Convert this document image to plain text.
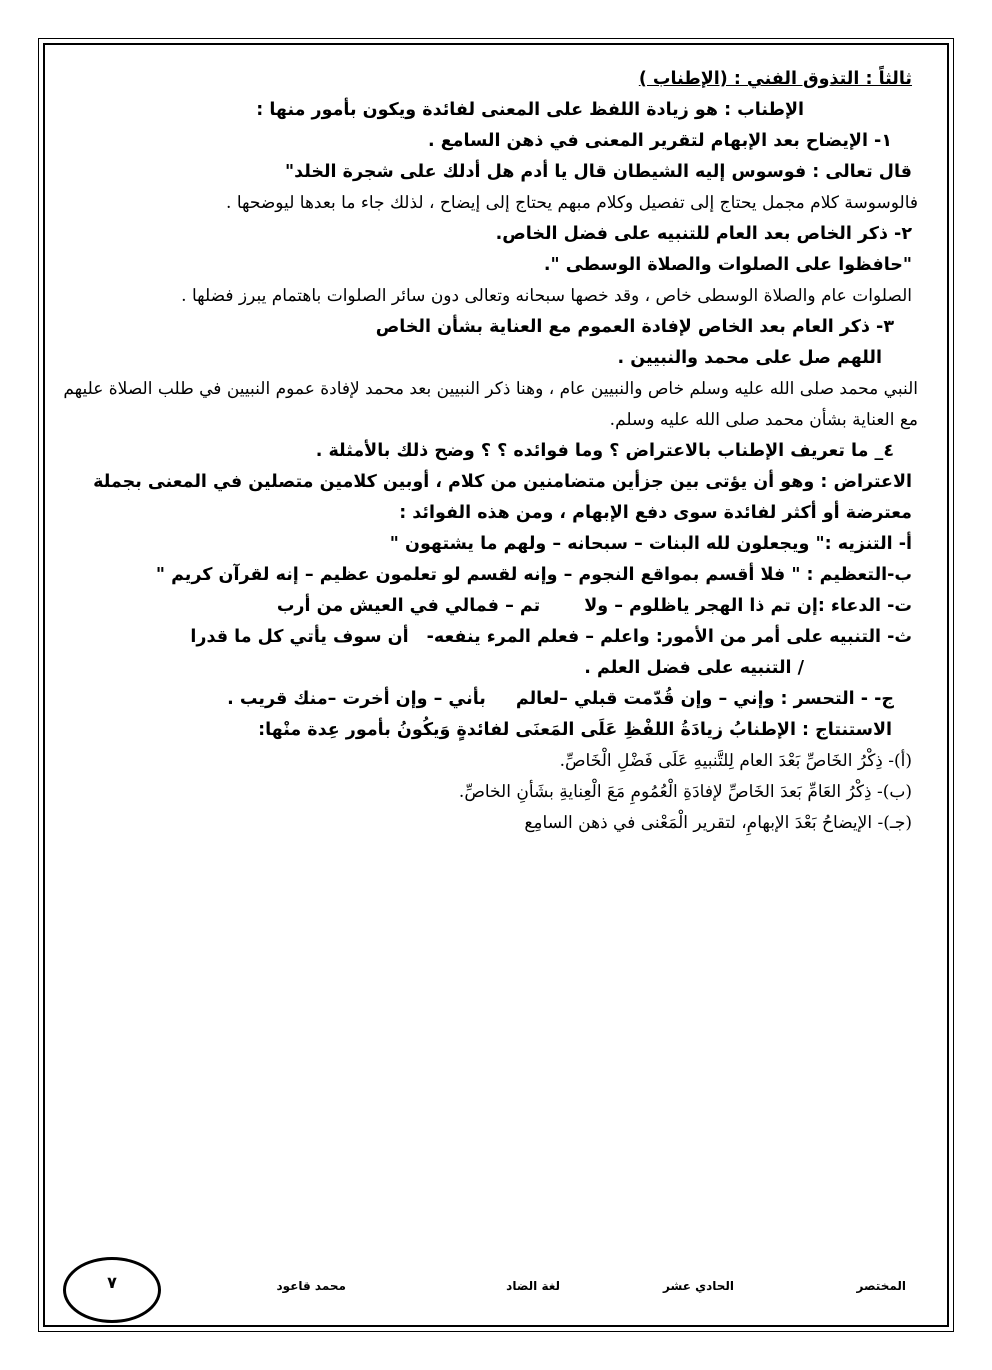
ثالثاً : التذوق الفني : (الإطناب )
الإطناب : هو زيادة اللفظ على المعنى لفائدة ويكون بأمور منها :
١- الإيضاح بعد الإبهام لتقرير المعنى في ذهن السامع .
قال تعالى : فوسوس إليه الشيطان قال يا أدم هل أدلك على شجرة الخلد"
فالوسوسة كلام مجمل يحتاج إلى تفصيل وكلام مبهم يحتاج إلى إيضاح ، لذلك جاء ما بعدها ليوضحها .
٢- ذكر الخاص بعد العام للتنبيه على فضل الخاص.
"حافظوا على الصلوات والصلاة الوسطى ".
الصلوات عام والصلاة الوسطى خاص ، وقد خصها سبحانه وتعالى دون سائر الصلوات باهتمام يبرز فضلها .
٣- ذكر العام بعد الخاص لإفادة العموم مع العناية بشأن الخاص
اللهم صل على محمد والنبيين .
النبي محمد صلى الله عليه وسلم خاص والنبيين عام ، وهنا ذكر النبيين بعد محمد لإفادة عموم النبيين في طلب الصلاة عليهم مع العناية بشأن محمد صلى الله عليه وسلم.
٤_ ما تعريف الإطناب بالاعتراض ؟ وما فوائده ؟ ؟ وضح ذلك بالأمثلة .
الاعتراض : وهو أن يؤتى بين جزأين متضامنين من كلام ، أوبين كلامين متصلين في المعنى بجملة
معترضة أو أكثر لفائدة سوى دفع الإبهام ، ومن هذه الفوائد :
أ- التنزيه :" ويجعلون لله البنات – سبحانه – ولهم ما يشتهون "
ب-التعظيم : " فلا أقسم بمواقع النجوم – وإنه لقسم لو تعلمون عظيم – إنه لقرآن كريم "
ت- الدعاء :إن تم ذا الهجر ياظلوم – ولاتم – فمالي في العيش من أرب
ث- التنبيه على أمر من الأمور: واعلم – فعلم المرء ينفعه-أن سوف يأتي كل ما قدرا
/ التنبيه على فضل العلم .
ج- - التحسر : وإني – وإن قُدّمت قبلي –لعالمبأني – وإن أخرت –منك قريب .
الاستنتاج : الإطنابُ زيادَةُ اللفْظِ عَلَى المَعنَى لفائدةٍ وَيكُونُ بأمور عِدة منْها:
(أ)- ذِكْرُ الخَاصِّ بَعْدَ العام لِلتَّنبيهِ عَلَى فَضْلِ الْخَاصِّ.
(ب)- ذِكْرُ العَامِّ بَعدَ الخَاصِّ لإفادَةِ الْعُمُومِ مَعَ الْعِنايةِ بشَأنِ الخاصِّ.
(جـ)- الإيضاحُ بَعْدَ الإبهامِ، لتقرير الْمَعْنى في ذهن السامِع
المختصر
الحادي عشر
لغة الضاد
محمد قاعود
٧
